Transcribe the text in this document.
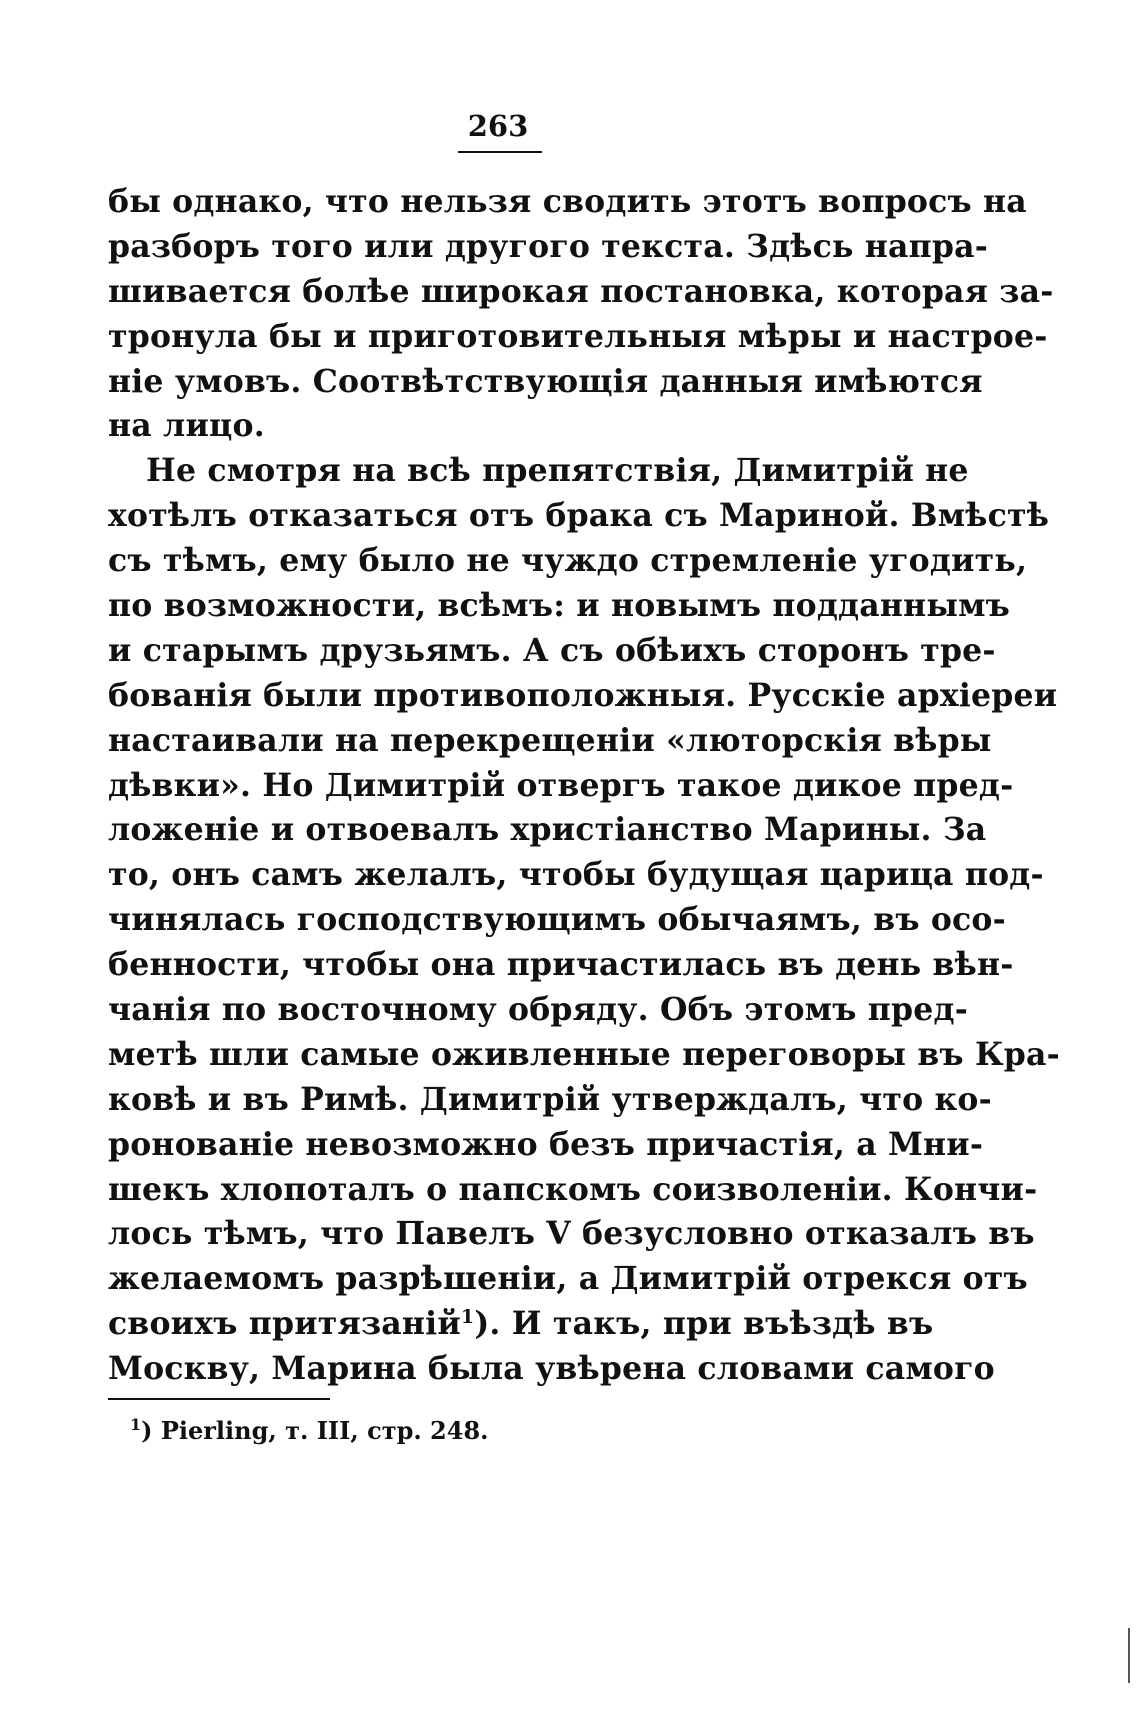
263
бы однако, что нельзя сводить этотъ вопросъ на
разборъ того или другого текста. Здѣсь напра-
шивается болѣе широкая постановка, которая за-
тронула бы и приготовительныя мѣры и настрое-
нiе умовъ. Соотвѣтствующiя данныя имѣются
на лицо.
Не смотря на всѣ препятствiя, Димитрiй не
хотѣлъ отказаться отъ брака съ Мариной. Вмѣстѣ
съ тѣмъ, ему было не чуждо стремленiе угодить,
по возможности, всѣмъ: и новымъ подданнымъ
и старымъ друзьямъ. А съ обѣихъ сторонъ тре-
бованiя были противоположныя. Русскiе архiереи
настаивали на перекрещенiи «люторскiя вѣры
дѣвки». Но Димитрiй отвергъ такое дикое пред-
ложенiе и отвоевалъ христiанство Марины. За
то, онъ самъ желалъ, чтобы будущая царица под-
чинялась господствующимъ обычаямъ, въ осо-
бенности, чтобы она причастилась въ день вѣн-
чанiя по восточному обряду. Объ этомъ пред-
метѣ шли самые оживленные переговоры въ Кра-
ковѣ и въ Римѣ. Димитрiй утверждалъ, что ко-
ронованiе невозможно безъ причастiя, а Мни-
шекъ хлопоталъ о папскомъ соизволенiи. Кончи-
лось тѣмъ, что Павелъ V безусловно отказалъ въ
желаемомъ разрѣшенiи, а Димитрiй отрекся отъ
своихъ притязанiй$^1$). И такъ, при въѣздѣ въ
Москву, Марина была увѣрена словами самого
$^1$) Pierling, т. III, стр. 248.
